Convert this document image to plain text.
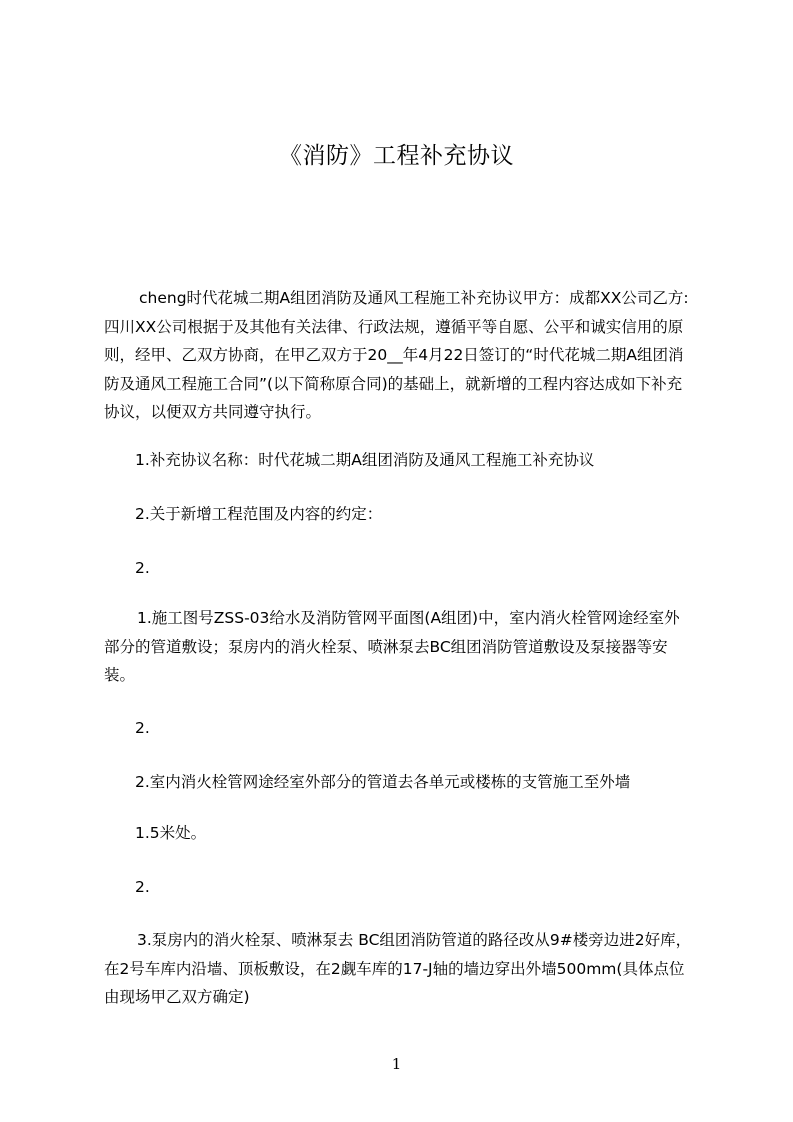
《消防》工程补充协议
cheng时代花城二期A组团消防及通风工程施工补充协议甲方：成都XX公司乙方:四川XX公司根据于及其他有关法律、行政法规，遵循平等自愿、公平和诚实信用的原则，经甲、乙双方协商，在甲乙双方于20__年4月22日签订的“时代花城二期A组团消防及通风工程施工合同”(以下简称原合同)的基础上，就新增的工程内容达成如下补充协议，以便双方共同遵守执行。
1.补充协议名称：时代花城二期A组团消防及通风工程施工补充协议
2.关于新增工程范围及内容的约定：
2.
1.施工图号ZSS-03给水及消防管网平面图(A组团)中，室内消火栓管网途经室外部分的管道敷设；泵房内的消火栓泵、喷淋泵去BC组团消防管道敷设及泵接器等安装。
2.
2.室内消火栓管网途经室外部分的管道去各单元或楼栋的支管施工至外墙
1.5米处。
2.
3.泵房内的消火栓泵、喷淋泵去 BC组团消防管道的路径改从9#楼旁边进2好库，在2号车库内沿墙、顶板敷设，在2觑车库的17-J轴的墙边穿出外墙500mm(具体点位由现场甲乙双方确定)
1
